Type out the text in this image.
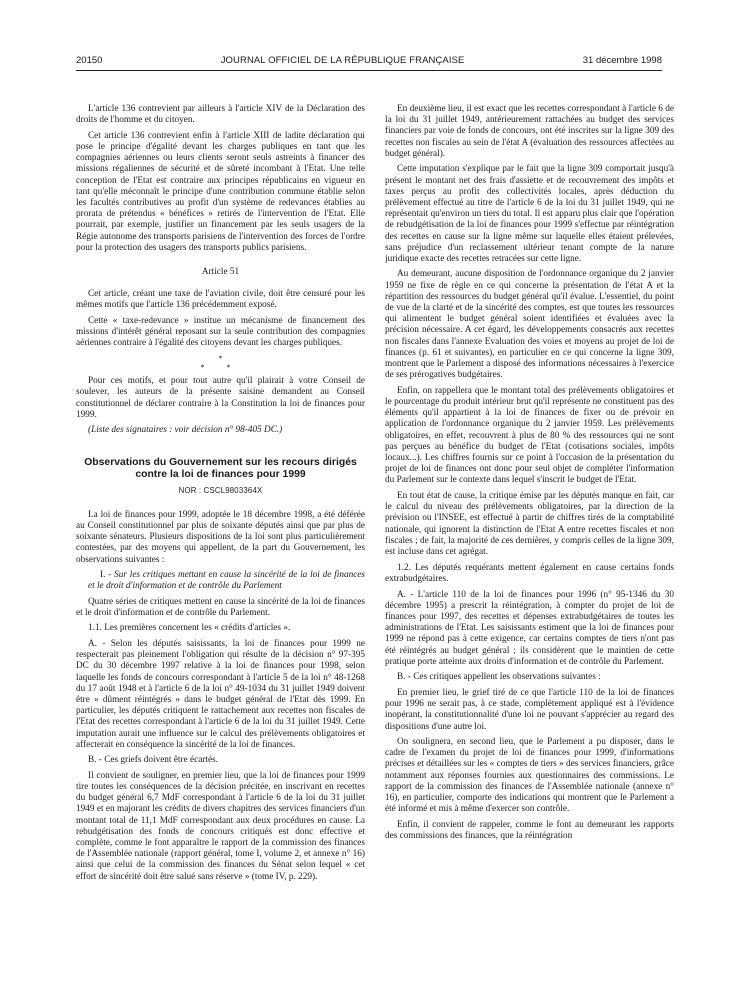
20150	JOURNAL OFFICIEL DE LA RÉPUBLIQUE FRANÇAISE	31 décembre 1998

L'article 136 contrevient par ailleurs à l'article XIV de la Déclaration des droits de l'homme et du citoyen.

Cet article 136 contrevient enfin à l'article XIII de ladite déclaration qui pose le principe d'égalité devant les charges publiques en tant que les compagnies aériennes ou leurs clients seront seuls astreints à financer des missions régaliennes de sécurité et de sûreté incombant à l'Etat. Une telle conception de l'Etat est contraire aux principes républicains en vigueur en tant qu'elle méconnaît le principe d'une contribution commune établie selon les facultés contributives au profit d'un système de redevances établies au prorata de prétendus « bénéfices » retirés de l'intervention de l'Etat. Elle pourrait, par exemple, justifier un financement par les seuls usagers de la Régie autonome des transports parisiens de l'intervention des forces de l'ordre pour la protection des usagers des transports publics parisiens.

Article 51

Cet article, créant une taxe de l'aviation civile, doit être censuré pour les mêmes motifs que l'article 136 précédemment exposé.

Cette « taxe-redevance » institue un mécanisme de financement des missions d'intérêt général reposant sur la seule contribution des compagnies aériennes contraire à l'égalité des citoyens devant les charges publiques.

*
* *

Pour ces motifs, et pour tout autre qu'il plairait à votre Conseil de soulever, les auteurs de la présente saisine demandent au Conseil constitutionnel de déclarer contraire à la Constitution la loi de finances pour 1999.

(Liste des signataires : voir décision n° 98-405 DC.)

Observations du Gouvernement sur les recours dirigés contre la loi de finances pour 1999
NOR : CSCL9803364X

La loi de finances pour 1999, adoptée le 18 décembre 1998, a été déférée au Conseil constitutionnel par plus de soixante députés ainsi que par plus de soixante sénateurs. Plusieurs dispositions de la loi sont plus particulièrement contestées, par des moyens qui appellent, de la part du Gouvernement, les observations suivantes :

I. - Sur les critiques mettant en cause la sincérité de la loi de finances et le droit d'information et de contrôle du Parlement

Quatre séries de critiques mettent en cause la sincérité de la loi de finances et le droit d'information et de contrôle du Parlement.

1.1. Les premières concernent les « crédits d'articles ».

A. - Selon les députés saisissants, la loi de finances pour 1999 ne respecterait pas pleinement l'obligation qui résulte de la décision n° 97-395 DC du 30 décembre 1997 relative à la loi de finances pour 1998, selon laquelle les fonds de concours correspondant à l'article 5 de la loi n° 48-1268 du 17 août 1948 et à l'article 6 de la loi n° 49-1034 du 31 juillet 1949 doivent être « dûment réintégrés » dans le budget général de l'Etat dès 1999. En particulier, les députés critiquent le rattachement aux recettes non fiscales de l'Etat des recettes correspondant à l'article 6 de la loi du 31 juillet 1949. Cette imputation aurait une influence sur le calcul des prélèvements obligatoires et affecterait en conséquence la sincérité de la loi de finances.

B. - Ces griefs doivent être écartés.

Il convient de souligner, en premier lieu, que la loi de finances pour 1999 tire toutes les conséquences de la décision précitée, en inscrivant en recettes du budget général 6,7 MdF correspondant à l'article 6 de la loi du 31 juillet 1949 et en majorant les crédits de divers chapitres des services financiers d'un montant total de 11,1 MdF correspondant aux deux procédures en cause. La rebudgétisation des fonds de concours critiqués est donc effective et complète, comme le font apparaître le rapport de la commission des finances de l'Assemblée nationale (rapport général, tome I, volume 2, et annexe n° 16) ainsi que celui de la commission des finances du Sénat selon lequel « cet effort de sincérité doit être salué sans réserve » (tome IV, p. 229).

En deuxième lieu, il est exact que les recettes correspondant à l'article 6 de la loi du 31 juillet 1949, antérieurement rattachées au budget des services financiers par voie de fonds de concours, ont été inscrites sur la ligne 309 des recettes non fiscales au sein de l'état A (évaluation des ressources affectées au budget général).

Cette imputation s'explique par le fait que la ligne 309 comportait jusqu'à présent le montant net des frais d'assiette et de recouvrement des impôts et taxes perçus au profit des collectivités locales, après déduction du prélèvement effectué au titre de l'article 6 de la loi du 31 juillet 1949, qui ne représentait qu'environ un tiers du total. Il est apparu plus clair que l'opération de rebudgétisation de la loi de finances pour 1999 s'effectue par réintégration des recettes en cause sur la ligne même sur laquelle elles étaient prélevées, sans préjudice d'un reclassement ultérieur tenant compte de la nature juridique exacte des recettes retracées sur cette ligne.

Au demeurant, aucune disposition de l'ordonnance organique du 2 janvier 1959 ne fixe de règle en ce qui concerne la présentation de l'état A et la répartition des ressources du budget général qu'il évalue. L'essentiel, du point de vue de la clarté et de la sincérité des comptes, est que toutes les ressources qui alimentent le budget général soient identifiées et évaluées avec la précision nécessaire. A cet égard, les développements consacrés aux recettes non fiscales dans l'annexe Evaluation des voies et moyens au projet de loi de finances (p. 61 et suivantes), en particulier en ce qui concerne la ligne 309, montrent que le Parlement a disposé des informations nécessaires à l'exercice de ses prérogatives budgétaires.

Enfin, on rappellera que le montant total des prélèvements obligatoires et le pourcentage du produit intérieur brut qu'il représente ne constituent pas des éléments qu'il appartient à la loi de finances de fixer ou de prévoir en application de l'ordonnance organique du 2 janvier 1959. Les prélèvements obligatoires, en effet, recouvrent à plus de 80 % des ressources qui ne sont pas perçues au bénéfice du budget de l'Etat (cotisations sociales, impôts locaux...). Les chiffres fournis sur ce point à l'occasion de la présentation du projet de loi de finances ont donc pour seul objet de compléter l'information du Parlement sur le contexte dans lequel s'inscrit le budget de l'Etat.

En tout état de cause, la critique émise par les députés manque en fait, car le calcul du niveau des prélèvements obligatoires, par la direction de la prévision ou l'INSEE, est effectué à partir de chiffres tirés de la comptabilité nationale, qui ignorent la distinction de l'Etat A entre recettes fiscales et non fiscales ; de fait, la majorité de ces dernières, y compris celles de la ligne 309, est incluse dans cet agrégat.

1.2. Les députés requérants mettent également en cause certains fonds extrabudgétaires.

A. - L'article 110 de la loi de finances pour 1996 (n° 95-1346 du 30 décembre 1995) a prescrit la réintégration, à compter du projet de loi de finances pour 1997, des recettes et dépenses extrabudgétaires de toutes les administrations de l'Etat. Les saisissants estiment que la loi de finances pour 1999 ne répond pas à cette exigence, car certains comptes de tiers n'ont pas été réintégrés au budget général ; ils considèrent que le maintien de cette pratique porte atteinte aux droits d'information et de contrôle du Parlement.

B. - Ces critiques appellent les observations suivantes :

En premier lieu, le grief tiré de ce que l'article 110 de la loi de finances pour 1996 ne serait pas, à ce stade, complètement appliqué est à l'évidence inopérant, la constitutionnalité d'une loi ne pouvant s'apprécier au regard des dispositions d'une autre loi.

On soulignera, en second lieu, que le Parlement a pu disposer, dans le cadre de l'examen du projet de loi de finances pour 1999, d'informations précises et détaillées sur les « comptes de tiers » des services financiers, grâce notamment aux réponses fournies aux questionnaires des commissions. Le rapport de la commission des finances de l'Assemblée nationale (annexe n° 16), en particulier, comporte des indications qui montrent que le Parlement a été informé et mis à même d'exercer son contrôle.

Enfin, il convient de rappeler, comme le font au demeurant les rapports des commissions des finances, que la réintégration
